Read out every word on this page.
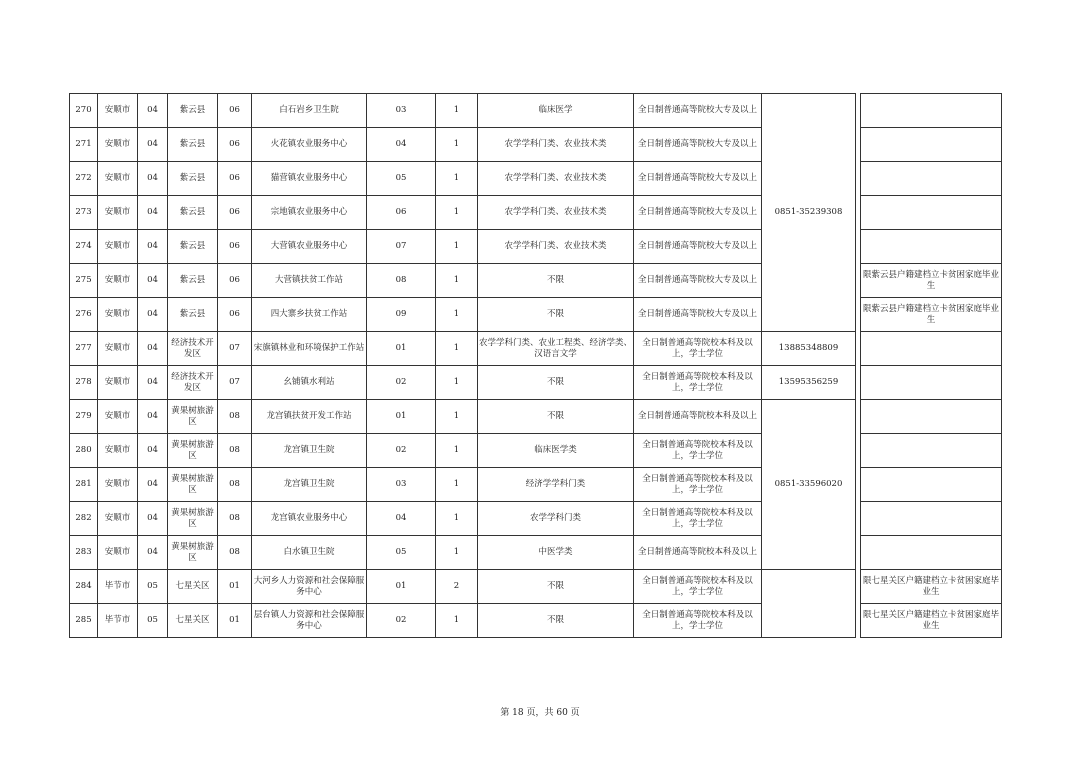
270	安顺市	04	紫云县	06	白石岩乡卫生院	03	1	临床医学	全日制普通高等院校大专及以上	0851-35239308		
271	安顺市	04	紫云县	06	火花镇农业服务中心	04	1	农学学科门类、农业技术类	全日制普通高等院校大专及以上			
272	安顺市	04	紫云县	06	猫营镇农业服务中心	05	1	农学学科门类、农业技术类	全日制普通高等院校大专及以上			
273	安顺市	04	紫云县	06	宗地镇农业服务中心	06	1	农学学科门类、农业技术类	全日制普通高等院校大专及以上			
274	安顺市	04	紫云县	06	大营镇农业服务中心	07	1	农学学科门类、农业技术类	全日制普通高等院校大专及以上			
275	安顺市	04	紫云县	06	大营镇扶贫工作站	08	1	不限	全日制普通高等院校大专及以上			限紫云县户籍建档立卡贫困家庭毕业生
276	安顺市	04	紫云县	06	四大寨乡扶贫工作站	09	1	不限	全日制普通高等院校大专及以上			限紫云县户籍建档立卡贫困家庭毕业生
277	安顺市	04	经济技术开发区	07	宋旗镇林业和环境保护工作站	01	1	农学学科门类、农业工程类、经济学类、汉语言文学	全日制普通高等院校本科及以上，学士学位	13885348809		
278	安顺市	04	经济技术开发区	07	幺铺镇水利站	02	1	不限	全日制普通高等院校本科及以上，学士学位	13595356259		
279	安顺市	04	黄果树旅游区	08	龙宫镇扶贫开发工作站	01	1	不限	全日制普通高等院校本科及以上	0851-33596020		
280	安顺市	04	黄果树旅游区	08	龙宫镇卫生院	02	1	临床医学类	全日制普通高等院校本科及以上，学士学位			
281	安顺市	04	黄果树旅游区	08	龙宫镇卫生院	03	1	经济学学科门类	全日制普通高等院校本科及以上，学士学位			
282	安顺市	04	黄果树旅游区	08	龙宫镇农业服务中心	04	1	农学学科门类	全日制普通高等院校本科及以上，学士学位			
283	安顺市	04	黄果树旅游区	08	白水镇卫生院	05	1	中医学类	全日制普通高等院校本科及以上			
284	毕节市	05	七星关区	01	大河乡人力资源和社会保障服务中心	01	2	不限	全日制普通高等院校本科及以上，学士学位			限七星关区户籍建档立卡贫困家庭毕业生
285	毕节市	05	七星关区	01	层台镇人力资源和社会保障服务中心	02	1	不限	全日制普通高等院校本科及以上，学士学位			限七星关区户籍建档立卡贫困家庭毕业生
第 18 页，共 60 页
